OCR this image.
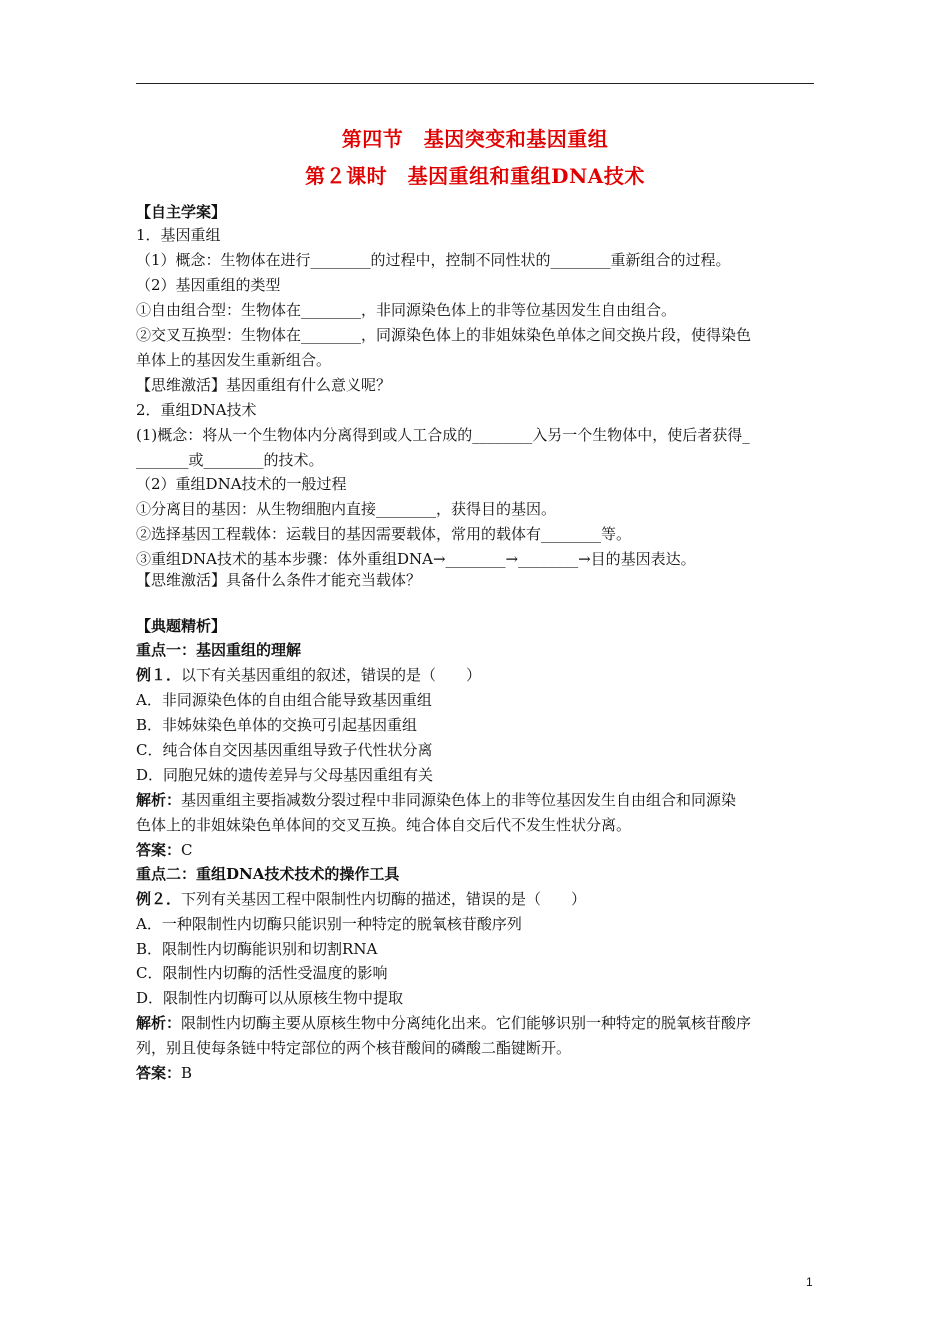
第四节　基因突变和基因重组
第２课时　基因重组和重组DNA技术
【自主学案】
1．基因重组
（1）概念：生物体在进行________的过程中，控制不同性状的________重新组合的过程。
（2）基因重组的类型
①自由组合型：生物体在________，非同源染色体上的非等位基因发生自由组合。
②交叉互换型：生物体在________，同源染色体上的非姐妹染色单体之间交换片段，使得染色
单体上的基因发生重新组合。
【思维激活】基因重组有什么意义呢？
2．重组DNA技术
(1)概念：将从一个生物体内分离得到或人工合成的________入另一个生物体中，使后者获得_
_______或________的技术。
（2）重组DNA技术的一般过程
①分离目的基因：从生物细胞内直接________，获得目的基因。
②选择基因工程载体：运载目的基因需要载体，常用的载体有________等。
③重组DNA技术的基本步骤：体外重组DNA→________→________→目的基因表达。
【思维激活】具备什么条件才能充当载体？
【典题精析】
重点一：基因重组的理解
例１．以下有关基因重组的叙述，错误的是（　　）
A．非同源染色体的自由组合能导致基因重组
B．非姊妹染色单体的交换可引起基因重组
C．纯合体自交因基因重组导致子代性状分离
D．同胞兄妹的遗传差异与父母基因重组有关
解析：基因重组主要指减数分裂过程中非同源染色体上的非等位基因发生自由组合和同源染
色体上的非姐妹染色单体间的交叉互换。纯合体自交后代不发生性状分离。
答案：C
重点二：重组DNA技术技术的操作工具
例２．下列有关基因工程中限制性内切酶的描述，错误的是（　　）
A．一种限制性内切酶只能识别一种特定的脱氧核苷酸序列
B．限制性内切酶能识别和切割RNA
C．限制性内切酶的活性受温度的影响
D．限制性内切酶可以从原核生物中提取
解析：限制性内切酶主要从原核生物中分离纯化出来。它们能够识别一种特定的脱氧核苷酸序
列，别且使每条链中特定部位的两个核苷酸间的磷酸二酯键断开。
答案：B
1
